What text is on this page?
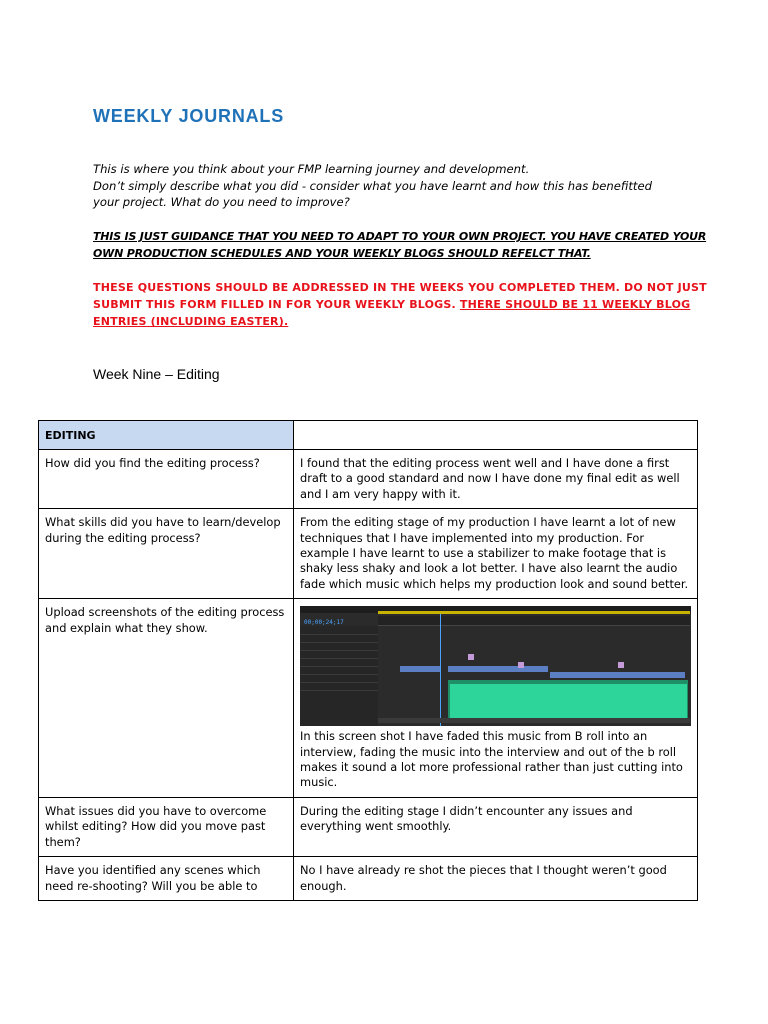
WEEKLY JOURNALS
This is where you think about your FMP learning journey and development.
Don’t simply describe what you did - consider what you have learnt and how this has benefitted
your project. What do you need to improve?
THIS IS JUST GUIDANCE THAT YOU NEED TO ADAPT TO YOUR OWN PROJECT. YOU HAVE CREATED YOUR
OWN PRODUCTION SCHEDULES AND YOUR WEEKLY BLOGS SHOULD REFELCT THAT.
THESE QUESTIONS SHOULD BE ADDRESSED IN THE WEEKS YOU COMPLETED THEM. DO NOT JUST SUBMIT THIS FORM FILLED IN FOR YOUR WEEKLY BLOGS. THERE SHOULD BE 11 WEEKLY BLOG ENTRIES (INCLUDING EASTER).
Week Nine – Editing
EDITING	
How did you find the editing process?	I found that the editing process went well and I have done a first draft to a good standard and now I have done my final edit as well and I am very happy with it.
What skills did you have to learn/develop during the editing process?	From the editing stage of my production I have learnt a lot of new techniques that I have implemented into my production. For example I have learnt to use a stabilizer to make footage that is shaky less shaky and look a lot better. I have also learnt the audio fade which music which helps my production look and sound better.
Upload screenshots of the editing process and explain what they show.	00;00;24;17
In this screen shot I have faded this music from B roll into an interview, fading the music into the interview and out of the b roll makes it sound a lot more professional rather than just cutting into music.

What issues did you have to overcome whilst editing? How did you move past them?	During the editing stage I didn’t encounter any issues and everything went smoothly.
Have you identified any scenes which need re-shooting? Will you be able to	No I have already re shot the pieces that I thought weren’t good enough.
